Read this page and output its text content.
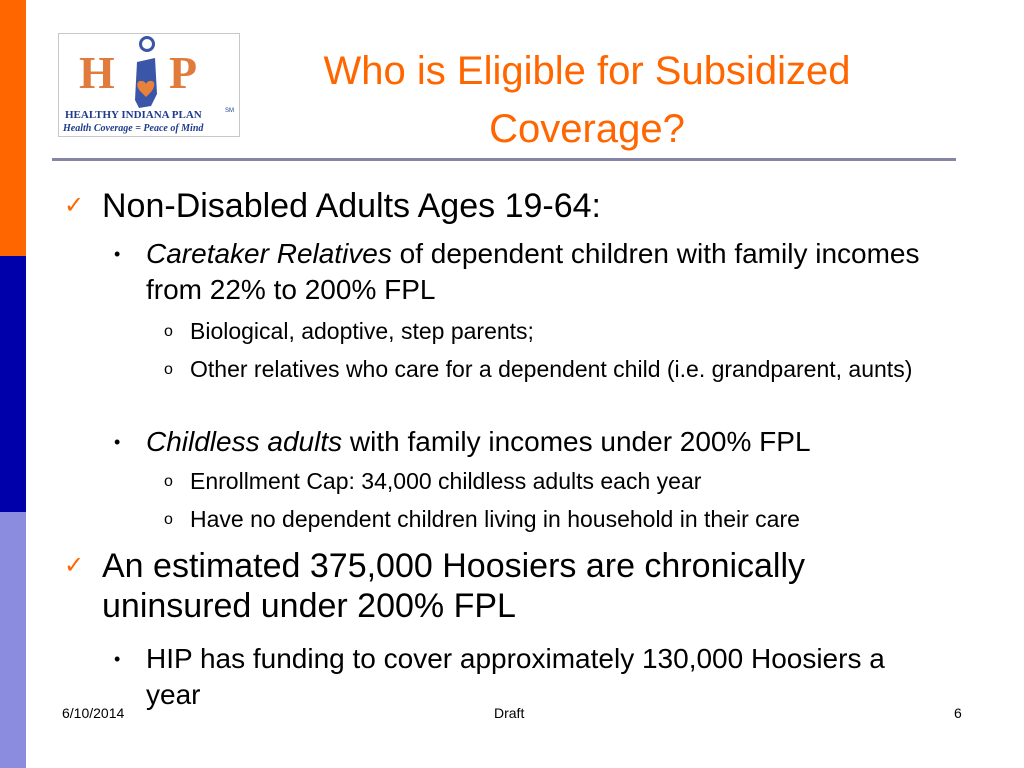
H P
HEALTHY INDIANA PLAN	SM
Health Coverage = Peace of Mind
Who is Eligible for Subsidized
Coverage?
✓ Non-Disabled Adults Ages 19-64:
• Caretaker Relatives of dependent children with family incomes from 22% to 200% FPL
o Biological, adoptive, step parents;
o Other relatives who care for a dependent child (i.e. grandparent, aunts)
• Childless adults with family incomes under 200% FPL
o Enrollment Cap: 34,000 childless adults each year
o Have no dependent children living in household in their care
✓ An estimated 375,000 Hoosiers are chronically uninsured under 200% FPL
• HIP has funding to cover approximately 130,000 Hoosiers a year
6/10/2014	Draft	6
